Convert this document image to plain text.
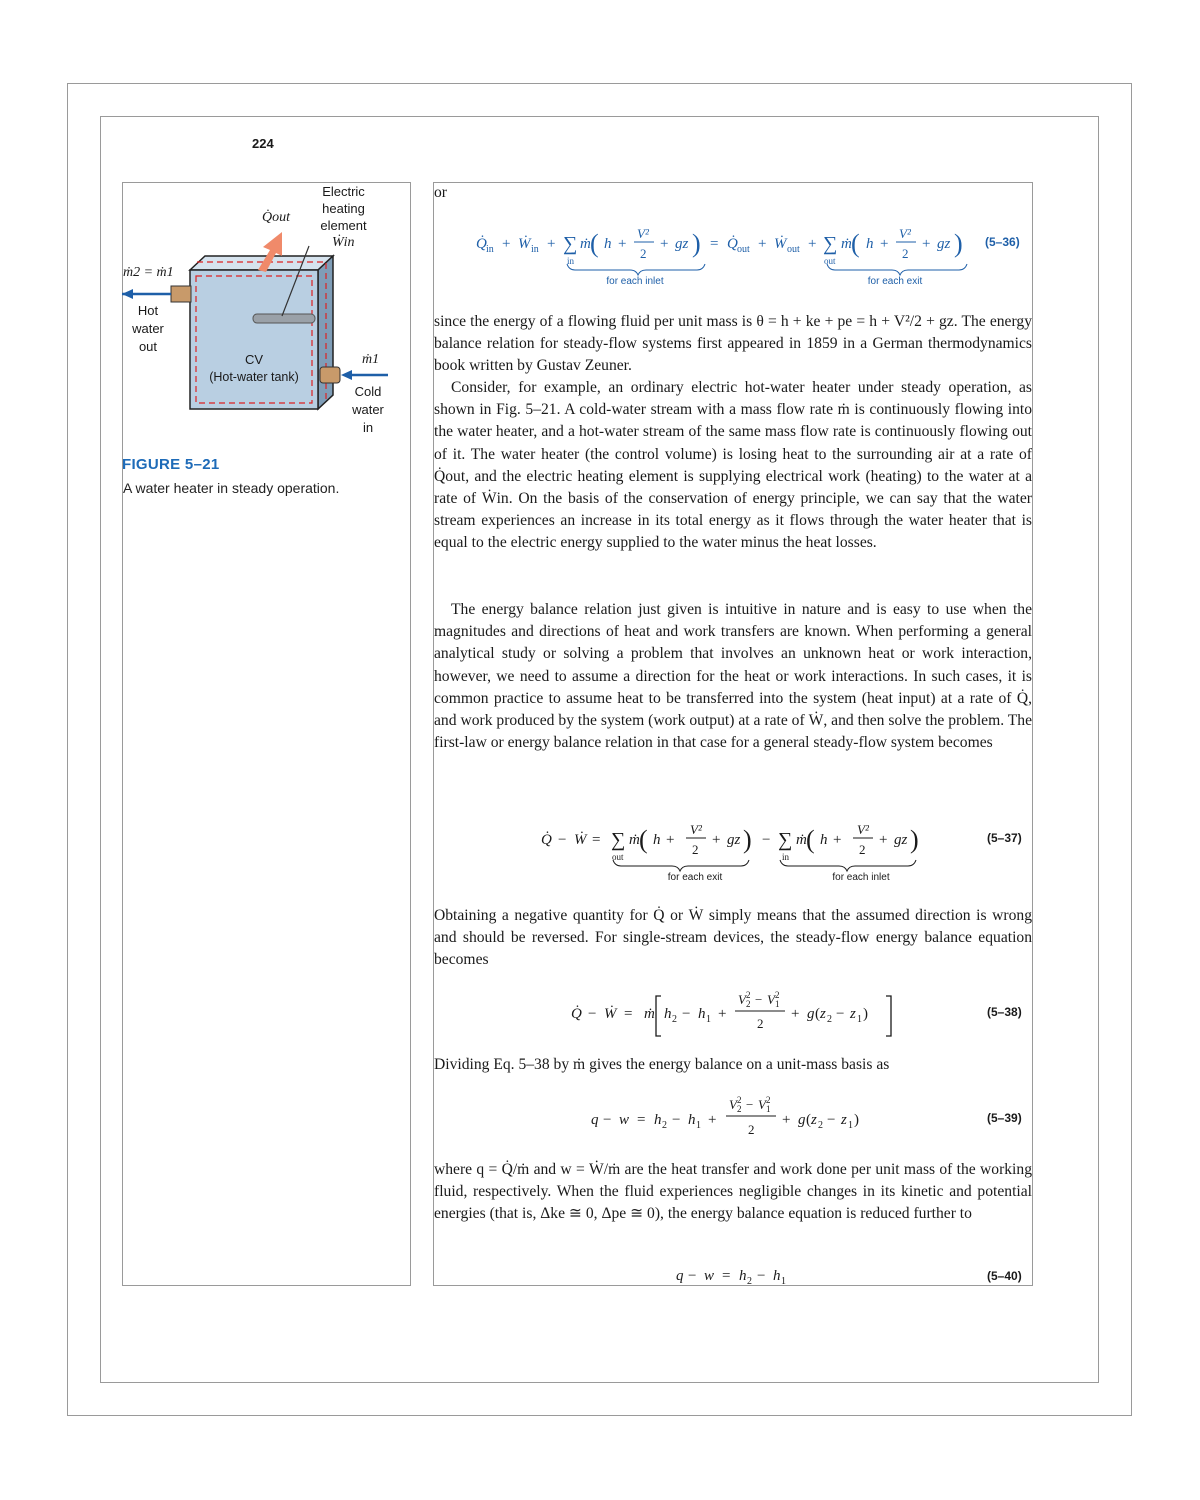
224
Q̇out
Electric
heating
element
Ẇin
ṁ2 = ṁ1
Hot
water
out
CV
(Hot-water tank)
ṁ1
Cold
water
in
FIGURE 5–21
A water heater in steady operation.
or
Q̇ in + Ẇ in + ∑
in
ṁ ( h +
V²
2
+ gz ) = Q̇ out + Ẇ out + ∑
out
ṁ ( h +
V²
2
+ gz )
for each inlet	for each exit
(5–36)

since the energy of a flowing fluid per unit mass is θ = h + ke + pe = h + V²/2 + gz. The energy balance relation for steady-flow systems first appeared in 1859 in a German thermodynamics book written by Gustav Zeuner.

Consider, for example, an ordinary electric hot-water heater under steady operation, as shown in Fig. 5–21. A cold-water stream with a mass flow rate ṁ is continuously flowing into the water heater, and a hot-water stream of the same mass flow rate is continuously flowing out of it. The water heater (the control volume) is losing heat to the surrounding air at a rate of Q̇out, and the electric heating element is supplying electrical work (heating) to the water at a rate of Ẇin. On the basis of the conservation of energy principle, we can say that the water stream experiences an increase in its total energy as it flows through the water heater that is equal to the electric energy supplied to the water minus the heat losses.

The energy balance relation just given is intuitive in nature and is easy to use when the magnitudes and directions of heat and work transfers are known. When performing a general analytical study or solving a problem that involves an unknown heat or work interaction, however, we need to assume a direction for the heat or work interactions. In such cases, it is common practice to assume heat to be transferred into the system (heat input) at a rate of Q̇, and work produced by the system (work output) at a rate of Ẇ, and then solve the problem. The first-law or energy balance relation in that case for a general steady-flow system becomes

Q̇ − Ẇ = ∑
out
ṁ ( h +
V²
2
+ gz ) − ∑
in
ṁ ( h +
V²
2
+ gz )
for each exit	for each inlet
(5–37)

Obtaining a negative quantity for Q̇ or Ẇ simply means that the assumed direction is wrong and should be reversed. For single-stream devices, the steady-flow energy balance equation becomes

Q̇ − Ẇ = ṁ h 2 − h 1 +
V 2
2 − V 1
2
2
+ g ( z 2 − z 1 )	(5–38)

Dividing Eq. 5–38 by ṁ gives the energy balance on a unit-mass basis as

q − w = h 2 − h 1 +
V 2
2 − V 1
2
2
+ g ( z 2 − z 1 )	(5–39)

where q = Q̇/ṁ and w = Ẇ/ṁ are the heat transfer and work done per unit mass of the working fluid, respectively. When the fluid experiences negligible changes in its kinetic and potential energies (that is, Δke ≅ 0, Δpe ≅ 0), the energy balance equation is reduced further to

q − w = h 2 − h 1	(5–40)
